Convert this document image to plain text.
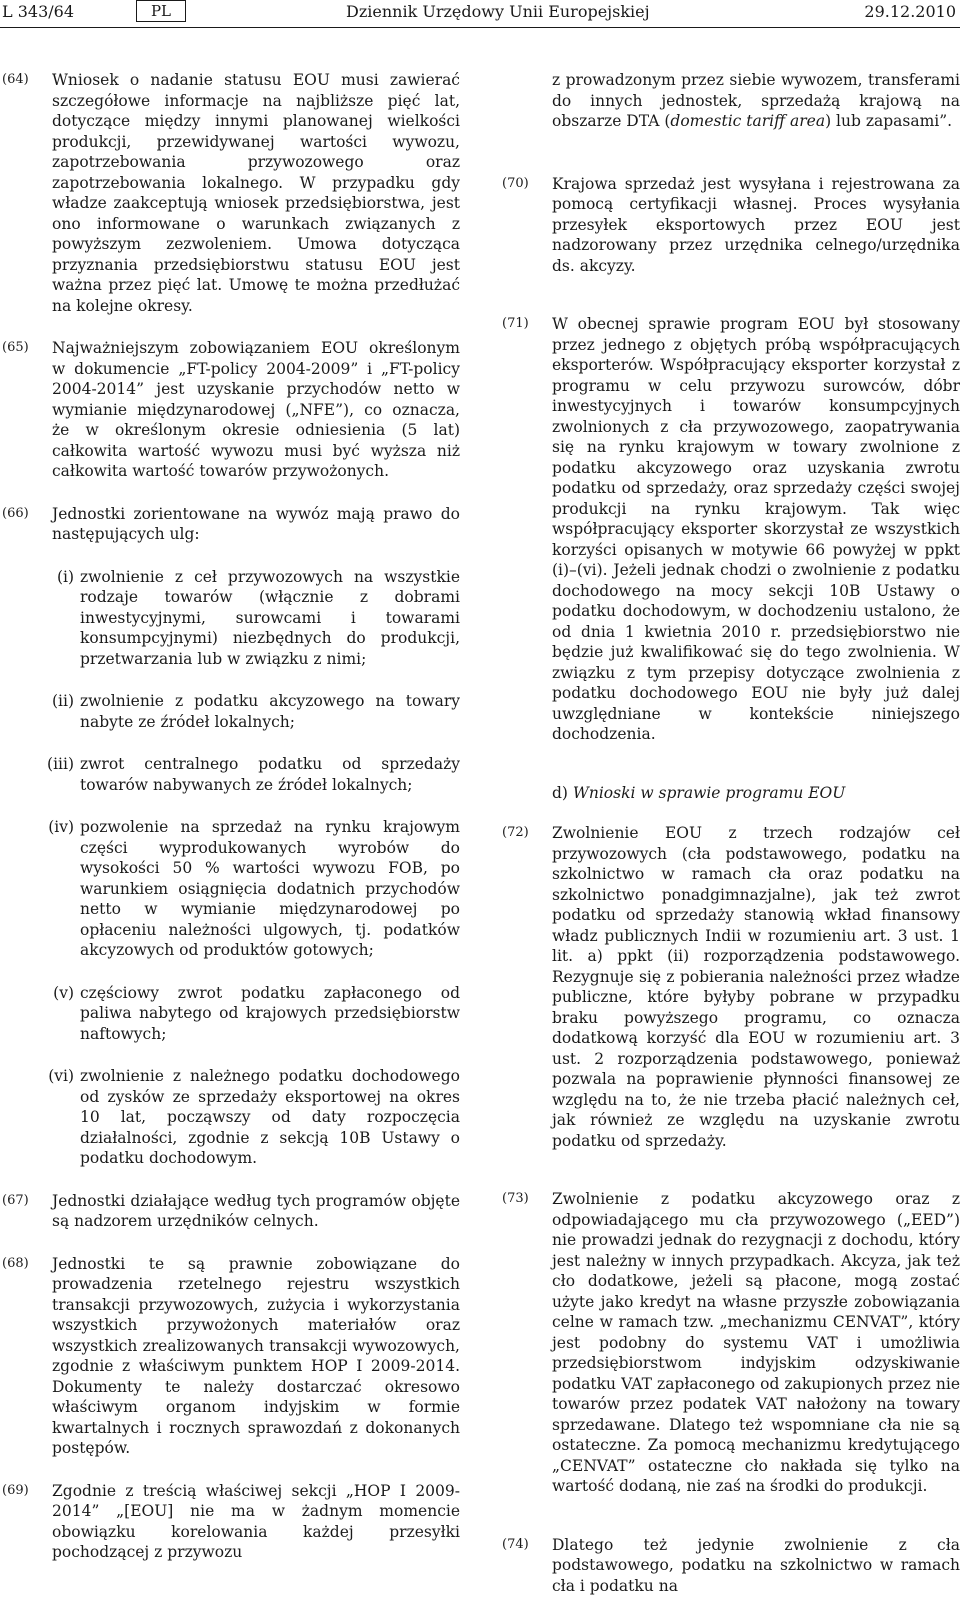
L 343/64	PL	Dziennik Urzędowy Unii Europejskiej	29.12.2010
(64) Wniosek o nadanie statusu EOU musi zawierać szczegółowe informacje na najbliższe pięć lat, dotyczące między innymi planowanej wielkości produkcji, przewidywanej wartości wywozu, zapotrzebowania przywozowego oraz zapotrzebowania lokalnego. W przypadku gdy władze zaakceptują wniosek przedsiębiorstwa, jest ono informowane o warunkach związanych z powyższym zezwoleniem. Umowa dotycząca przyznania przedsiębiorstwu statusu EOU jest ważna przez pięć lat. Umowę te można przedłużać na kolejne okresy.
(65) Najważniejszym zobowiązaniem EOU określonym w dokumencie „FT-policy 2004-2009” i „FT-policy 2004-2014” jest uzyskanie przychodów netto w wymianie międzynarodowej („NFE”), co oznacza, że w określonym okresie odniesienia (5 lat) całkowita wartość wywozu musi być wyższa niż całkowita wartość towarów przywożonych.
(66) Jednostki zorientowane na wywóz mają prawo do następujących ulg:
(i) zwolnienie z ceł przywozowych na wszystkie rodzaje towarów (włącznie z dobrami inwestycyjnymi, surowcami i towarami konsumpcyjnymi) niezbędnych do produkcji, przetwarzania lub w związku z nimi;
(ii) zwolnienie z podatku akcyzowego na towary nabyte ze źródeł lokalnych;
(iii) zwrot centralnego podatku od sprzedaży towarów nabywanych ze źródeł lokalnych;
(iv) pozwolenie na sprzedaż na rynku krajowym części wyprodukowanych wyrobów do wysokości 50 % wartości wywozu FOB, po warunkiem osiągnięcia dodatnich przychodów netto w wymianie międzynarodowej po opłaceniu należności ulgowych, tj. podatków akcyzowych od produktów gotowych;
(v) częściowy zwrot podatku zapłaconego od paliwa nabytego od krajowych przedsiębiorstw naftowych;
(vi) zwolnienie z należnego podatku dochodowego od zysków ze sprzedaży eksportowej na okres 10 lat, począwszy od daty rozpoczęcia działalności, zgodnie z sekcją 10B Ustawy o podatku dochodowym.
(67) Jednostki działające według tych programów objęte są nadzorem urzędników celnych.
(68) Jednostki te są prawnie zobowiązane do prowadzenia rzetelnego rejestru wszystkich transakcji przywozowych, zużycia i wykorzystania wszystkich przywożonych materiałów oraz wszystkich zrealizowanych transakcji wywozowych, zgodnie z właściwym punktem HOP I 2009-2014. Dokumenty te należy dostarczać okresowo właściwym organom indyjskim w formie kwartalnych i rocznych sprawozdań z dokonanych postępów.
(69) Zgodnie z treścią właściwej sekcji „HOP I 2009-2014” „[EOU] nie ma w żadnym momencie obowiązku korelowania każdej przesyłki pochodzącej z przywozu
z prowadzonym przez siebie wywozem, transferami do innych jednostek, sprzedażą krajową na obszarze DTA (domestic tariff area) lub zapasami”.
(70) Krajowa sprzedaż jest wysyłana i rejestrowana za pomocą certyfikacji własnej. Proces wysyłania przesyłek eksportowych przez EOU jest nadzorowany przez urzędnika celnego/urzędnika ds. akcyzy.
(71) W obecnej sprawie program EOU był stosowany przez jednego z objętych próbą współpracujących eksporterów. Współpracujący eksporter korzystał z programu w celu przywozu surowców, dóbr inwestycyjnych i towarów konsumpcyjnych zwolnionych z cła przywozowego, zaopatrywania się na rynku krajowym w towary zwolnione z podatku akcyzowego oraz uzyskania zwrotu podatku od sprzedaży, oraz sprzedaży części swojej produkcji na rynku krajowym. Tak więc współpracujący eksporter skorzystał ze wszystkich korzyści opisanych w motywie 66 powyżej w ppkt (i)–(vi). Jeżeli jednak chodzi o zwolnienie z podatku dochodowego na mocy sekcji 10B Ustawy o podatku dochodowym, w dochodzeniu ustalono, że od dnia 1 kwietnia 2010 r. przedsiębiorstwo nie będzie już kwalifikować się do tego zwolnienia. W związku z tym przepisy dotyczące zwolnienia z podatku dochodowego EOU nie były już dalej uwzględniane w kontekście niniejszego dochodzenia.
d) Wnioski w sprawie programu EOU
(72) Zwolnienie EOU z trzech rodzajów ceł przywozowych (cła podstawowego, podatku na szkolnictwo w ramach cła oraz podatku na szkolnictwo ponadgimnazjalne), jak też zwrot podatku od sprzedaży stanowią wkład finansowy władz publicznych Indii w rozumieniu art. 3 ust. 1 lit. a) ppkt (ii) rozporządzenia podstawowego. Rezygnuje się z pobierania należności przez władze publiczne, które byłyby pobrane w przypadku braku powyższego programu, co oznacza dodatkową korzyść dla EOU w rozumieniu art. 3 ust. 2 rozporządzenia podstawowego, ponieważ pozwala na poprawienie płynności finansowej ze względu na to, że nie trzeba płacić należnych ceł, jak również ze względu na uzyskanie zwrotu podatku od sprzedaży.
(73) Zwolnienie z podatku akcyzowego oraz z odpowiadającego mu cła przywozowego („EED”) nie prowadzi jednak do rezygnacji z dochodu, który jest należny w innych przypadkach. Akcyza, jak też cło dodatkowe, jeżeli są płacone, mogą zostać użyte jako kredyt na własne przyszłe zobowiązania celne w ramach tzw. „mechanizmu CENVAT”, który jest podobny do systemu VAT i umożliwia przedsiębiorstwom indyjskim odzyskiwanie podatku VAT zapłaconego od zakupionych przez nie towarów przez podatek VAT nałożony na towary sprzedawane. Dlatego też wspomniane cła nie są ostateczne. Za pomocą mechanizmu kredytującego „CENVAT” ostateczne cło nakłada się tylko na wartość dodaną, nie zaś na środki do produkcji.
(74) Dlatego też jedynie zwolnienie z cła podstawowego, podatku na szkolnictwo w ramach cła i podatku na
